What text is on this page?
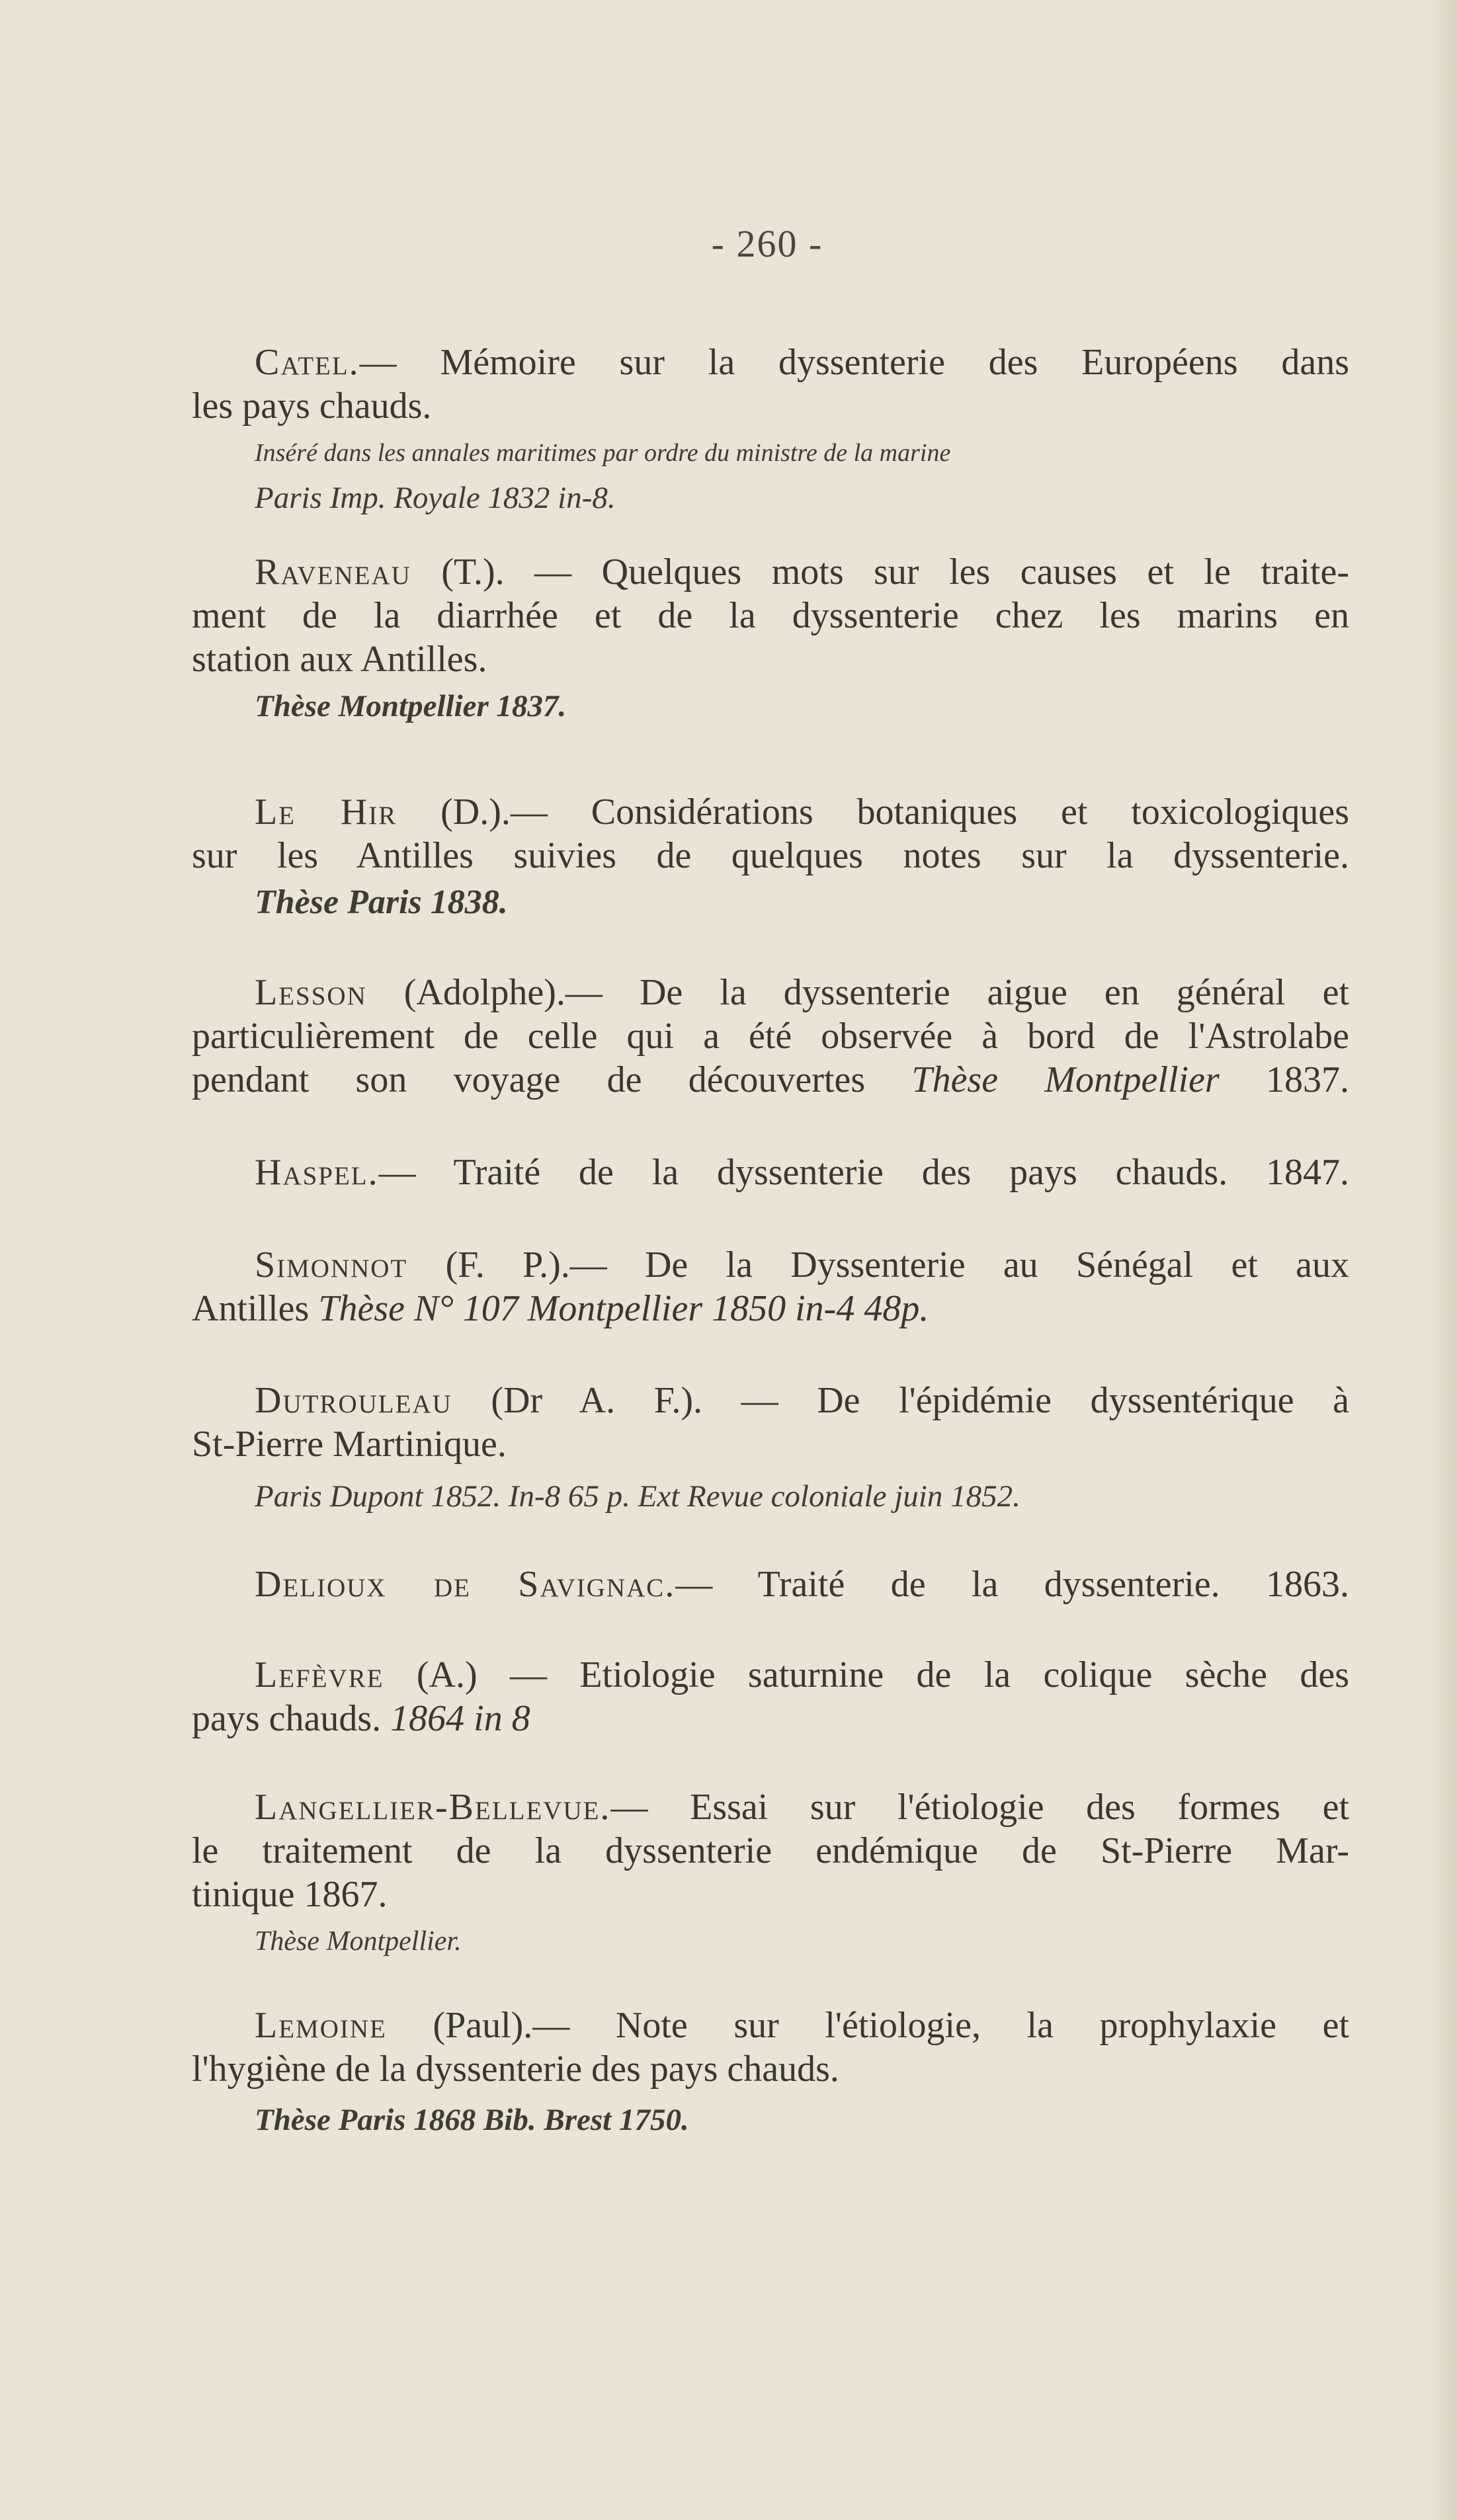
- 260 -
Catel.— Mémoire sur la dyssenterie des Européens dans
les pays chauds.
Inséré dans les annales maritimes par ordre du ministre de la marine
Paris Imp. Royale 1832 in-8.
Raveneau (T.). — Quelques mots sur les causes et le traite-
ment de la diarrhée et de la dyssenterie chez les marins en
station aux Antilles.
Thèse Montpellier 1837.
Le Hir (D.).— Considérations botaniques et toxicologiques
sur les Antilles suivies de quelques notes sur la dyssenterie.
Thèse Paris 1838.
Lesson (Adolphe).— De la dyssenterie aigue en général et
particulièrement de celle qui a été observée à bord de l'Astrolabe
pendant son voyage de découvertes Thèse Montpellier 1837.
Haspel.— Traité de la dyssenterie des pays chauds. 1847.
Simonnot (F. P.).— De la Dyssenterie au Sénégal et aux
Antilles Thèse N° 107 Montpellier 1850 in-4 48p.
Dutrouleau (Dr A. F.). — De l'épidémie dyssentérique à
St-Pierre Martinique.
Paris Dupont 1852. In-8 65 p. Ext Revue coloniale juin 1852.
Delioux de Savignac.— Traité de la dyssenterie. 1863.
Lefèvre (A.) — Etiologie saturnine de la colique sèche des
pays chauds. 1864 in 8
Langellier-Bellevue.— Essai sur l'étiologie des formes et
le traitement de la dyssenterie endémique de St-Pierre Mar-
tinique 1867.
Thèse Montpellier.
Lemoine (Paul).— Note sur l'étiologie, la prophylaxie et
l'hygiène de la dyssenterie des pays chauds.
Thèse Paris 1868 Bib. Brest 1750.
